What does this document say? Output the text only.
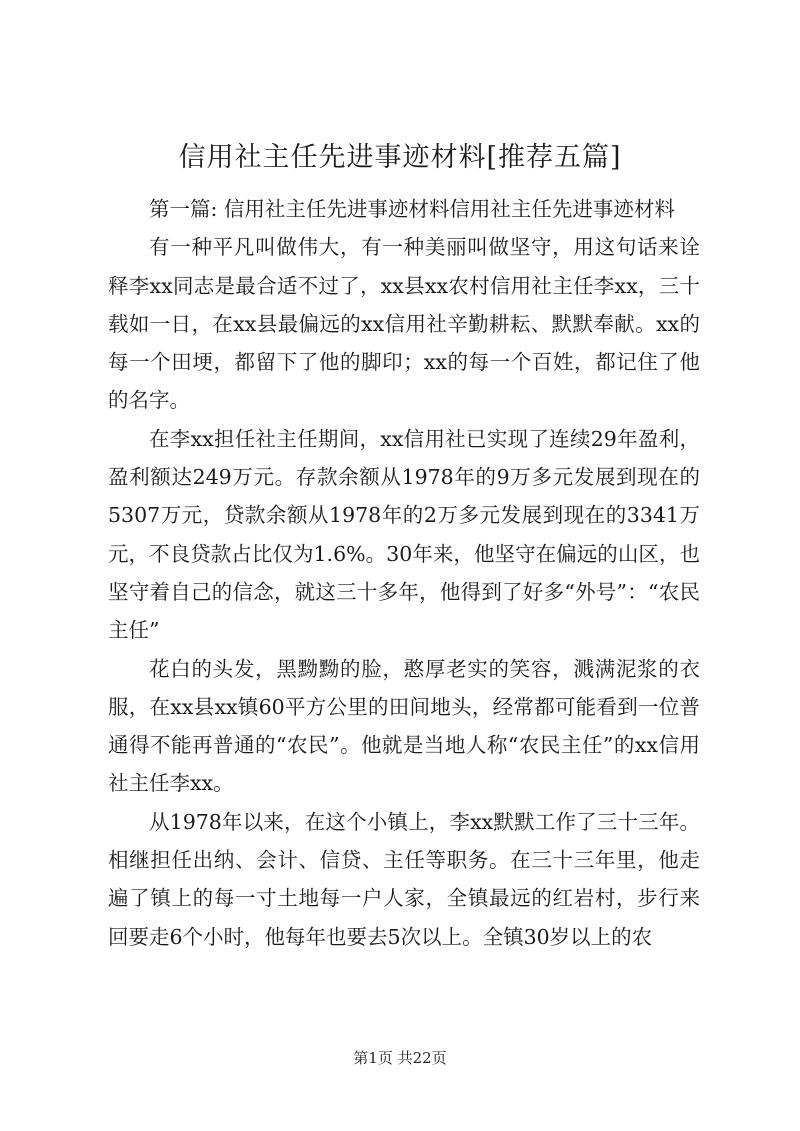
信用社主任先进事迹材料[推荐五篇]

第一篇: 信用社主任先进事迹材料信用社主任先进事迹材料

有一种平凡叫做伟大，有一种美丽叫做坚守，用这句话来诠释李xx同志是最合适不过了，xx县xx农村信用社主任李xx，三十载如一日，在xx县最偏远的xx信用社辛勤耕耘、默默奉献。xx的每一个田埂，都留下了他的脚印；xx的每一个百姓，都记住了他的名字。

在李xx担任社主任期间，xx信用社已实现了连续29年盈利，盈利额达249万元。存款余额从1978年的9万多元发展到现在的5307万元，贷款余额从1978年的2万多元发展到现在的3341万元，不良贷款占比仅为1.6%。30年来，他坚守在偏远的山区，也坚守着自己的信念，就这三十多年，他得到了好多“外号”：“农民主任”

花白的头发，黑黝黝的脸，憨厚老实的笑容，溅满泥浆的衣服，在xx县xx镇60平方公里的田间地头，经常都可能看到一位普通得不能再普通的“农民”。他就是当地人称“农民主任”的xx信用社主任李xx。

从1978年以来，在这个小镇上，李xx默默工作了三十三年。相继担任出纳、会计、信贷、主任等职务。在三十三年里，他走遍了镇上的每一寸土地每一户人家，全镇最远的红岩村，步行来回要走6个小时，他每年也要去5次以上。全镇30岁以上的农

第1页 共22页
